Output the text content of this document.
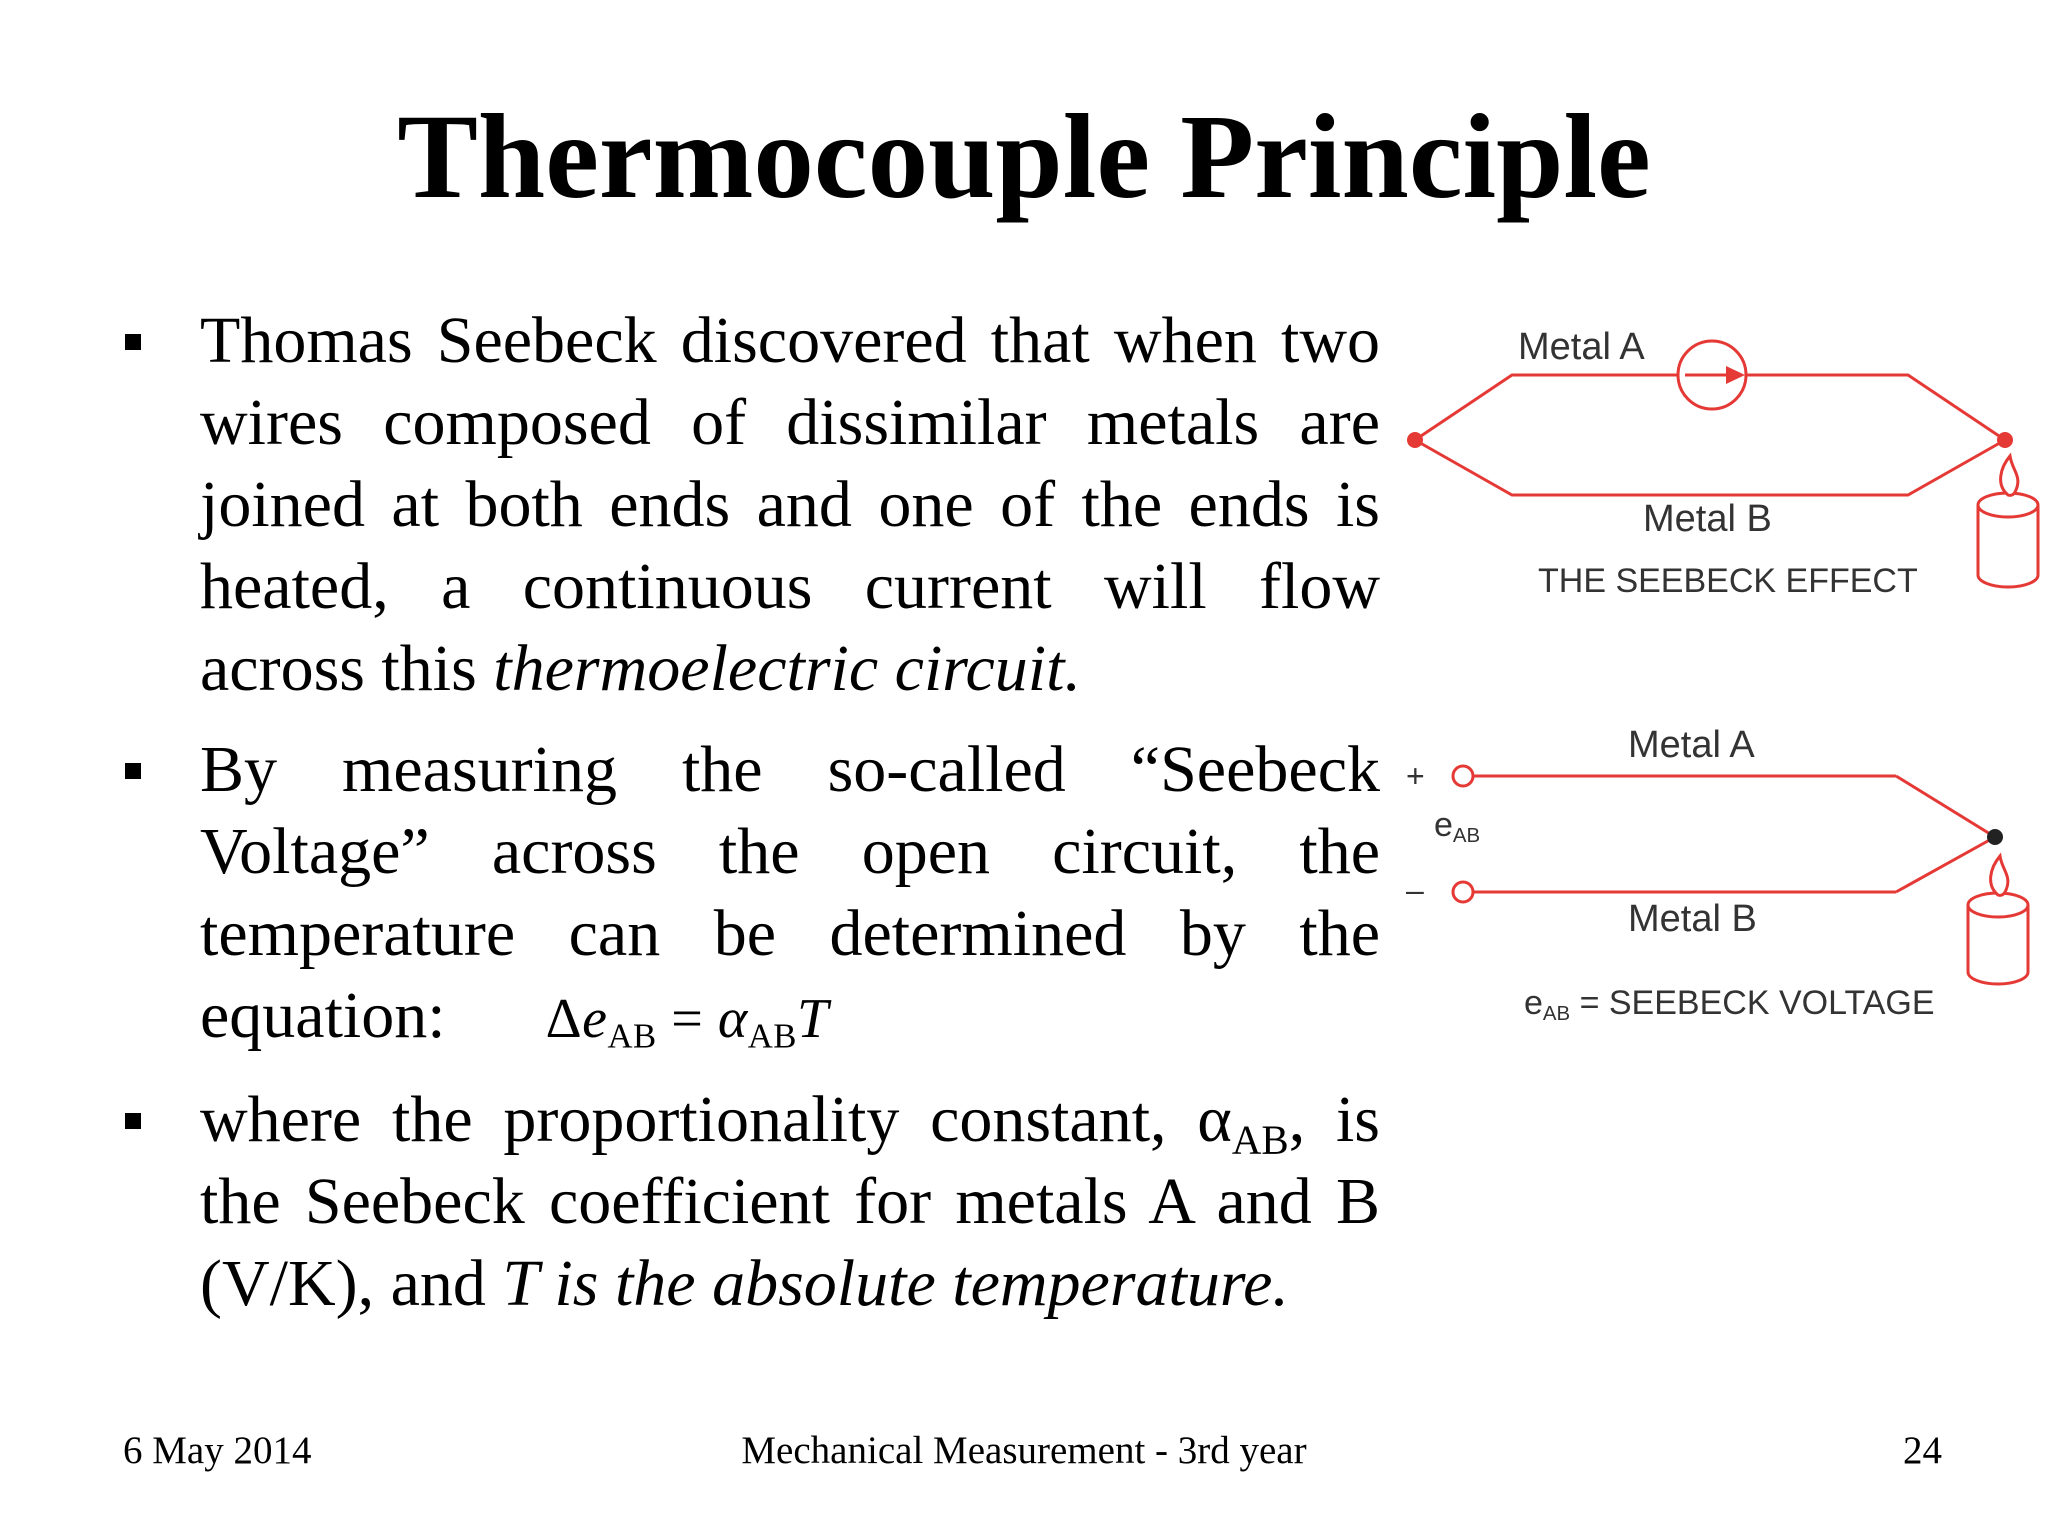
Thermocouple Principle
Thomas Seebeck discovered that when two wires composed of dissimilar metals are joined at both ends and one of the ends is heated, a continuous current will flow across this thermoelectric circuit.
By measuring the so-called “Seebeck Voltage” across the open circuit, the temperature can be determined by the equation: $\Delta e_{AB} = \alpha_{AB}T$
where the proportionality constant, $\alpha_{AB}$, is the Seebeck coefficient for metals A and B (V/K), and T is the absolute temperature.
Metal A
Metal B
THE SEEBECK EFFECT
Metal A
Metal B
+
–
eAB
eAB = SEEBECK VOLTAGE
6 May 2014	Mechanical Measurement - 3rd year	24
